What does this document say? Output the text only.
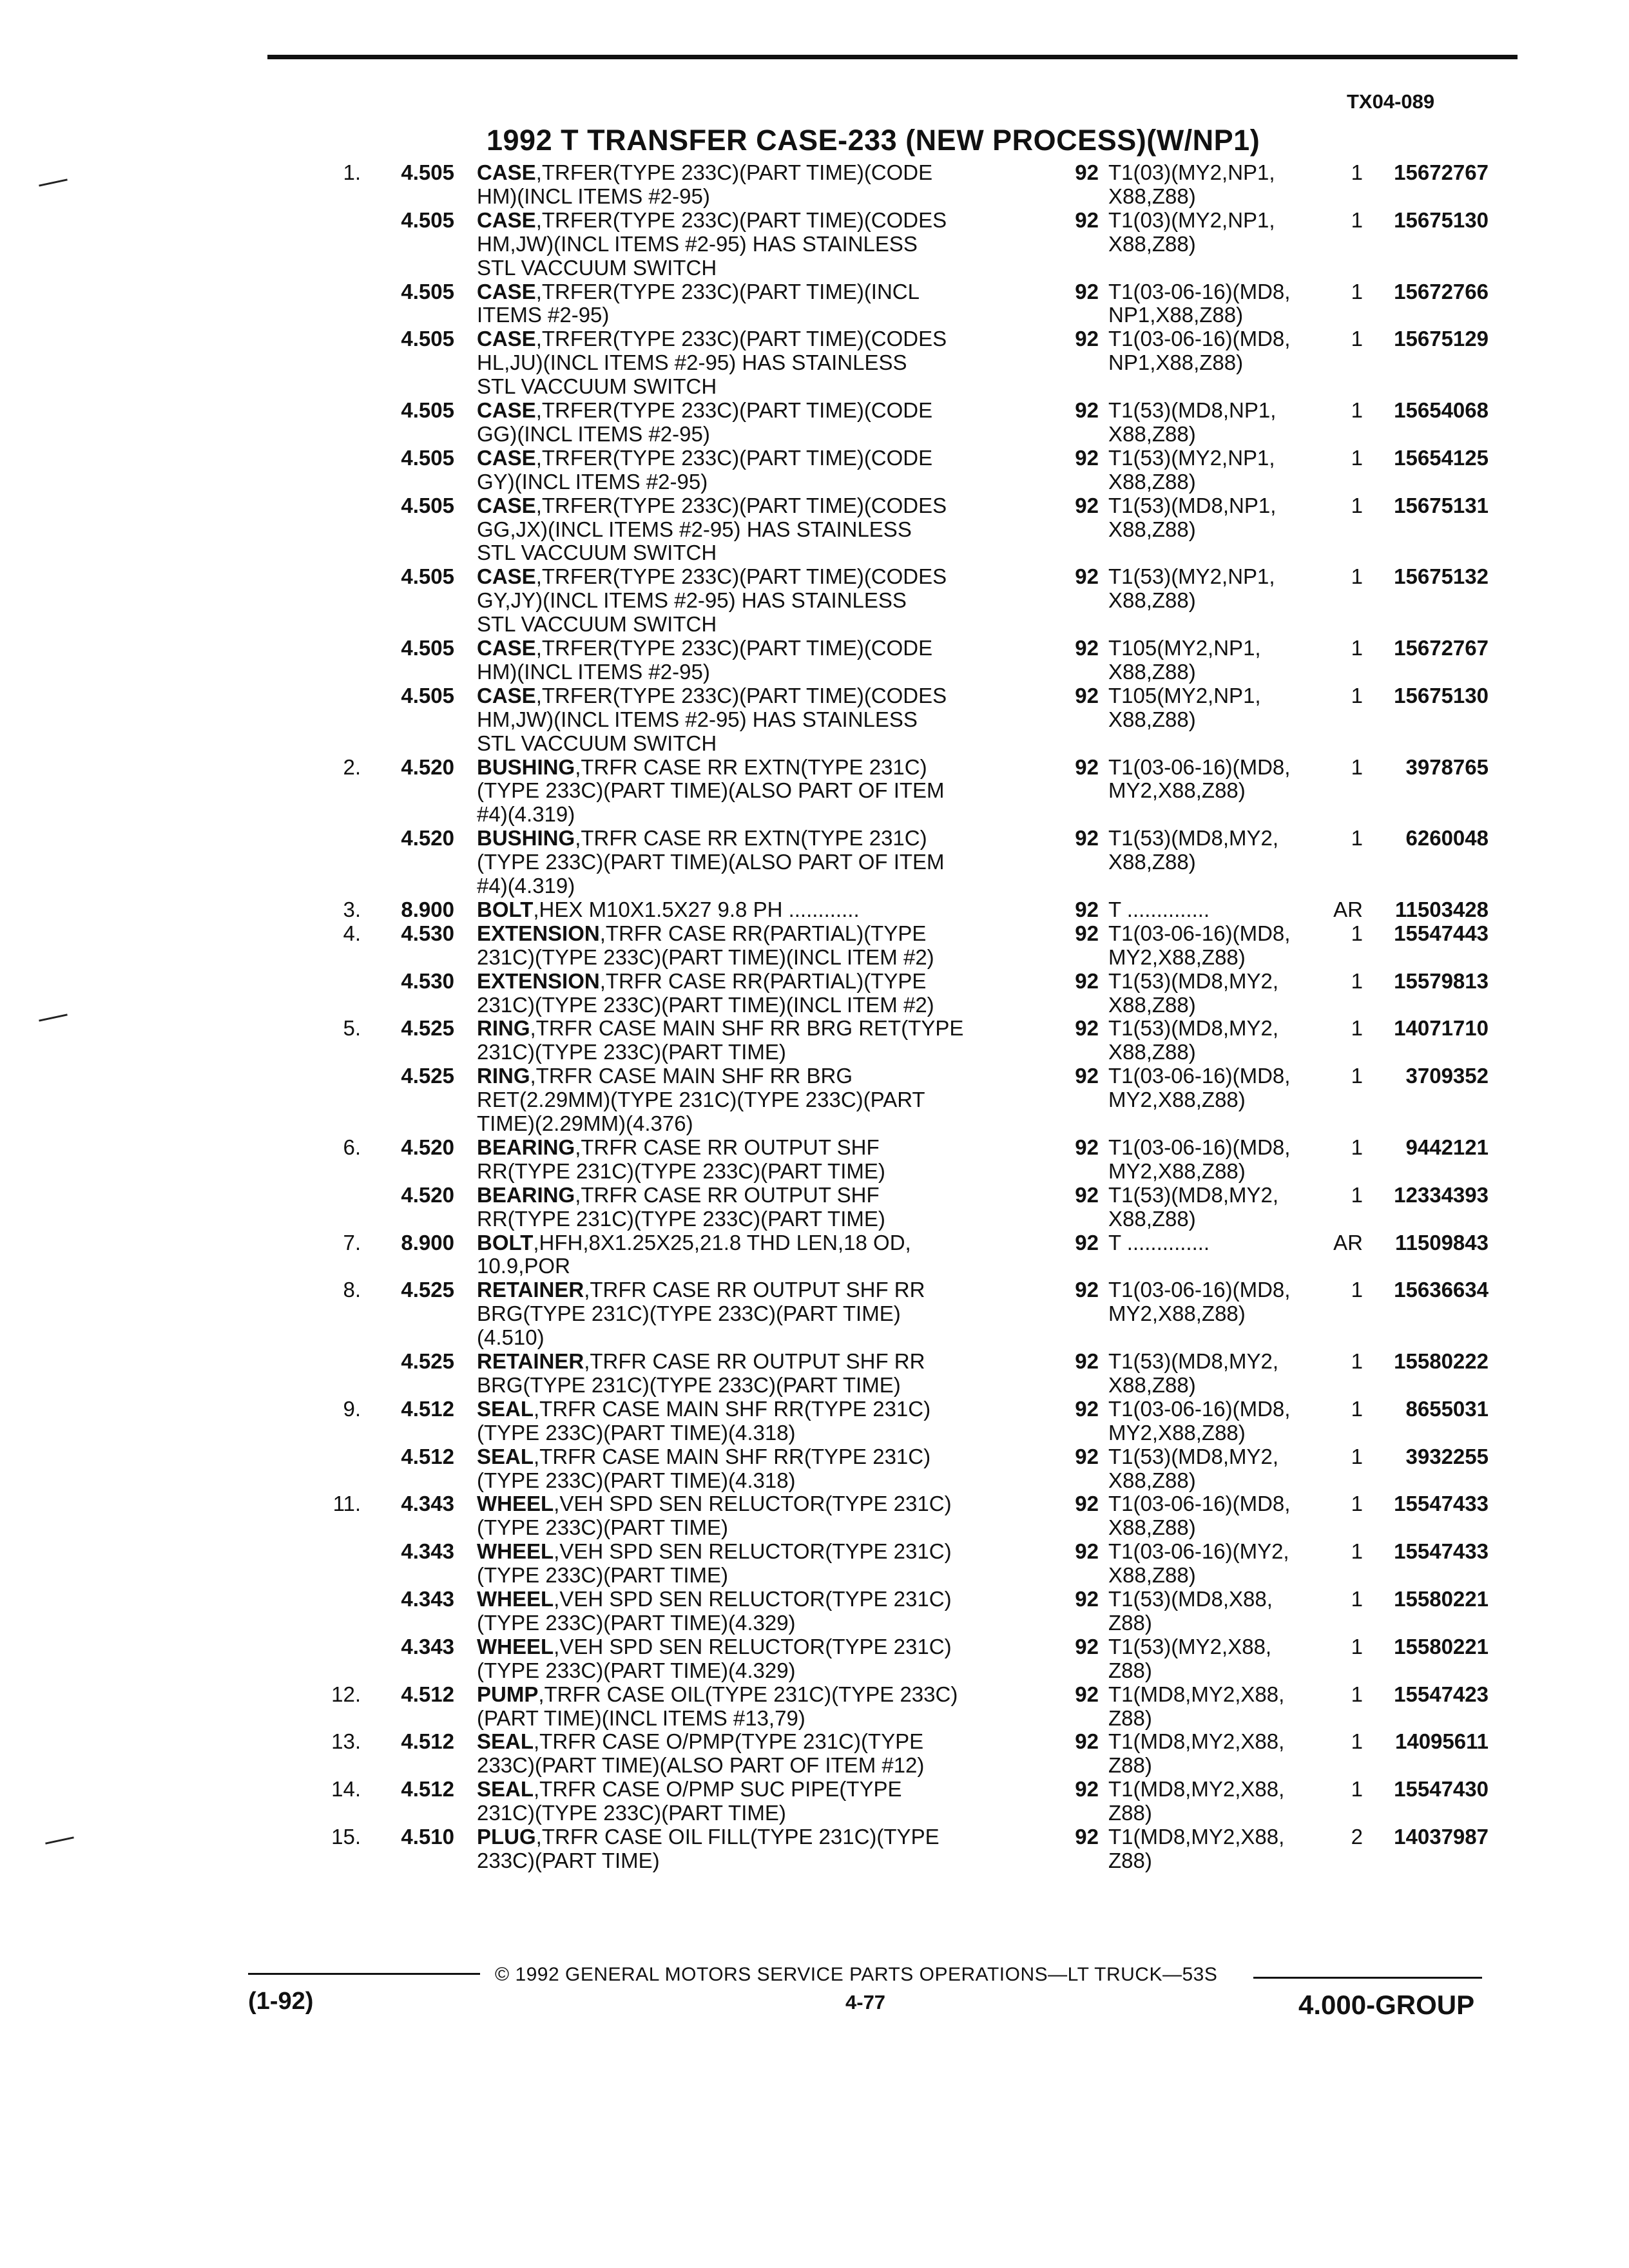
TX04-089
1992 T TRANSFER CASE-233 (NEW PROCESS)(W/NP1)
1.	4.505 CASE,TRFER(TYPE 233C)(PART TIME)(CODE	92 T1(03)(MY2,NP1,	1	15672767
HM)(INCL ITEMS #2-95)	X88,Z88)
4.505 CASE,TRFER(TYPE 233C)(PART TIME)(CODES	92 T1(03)(MY2,NP1,	1	15675130
HM,JW)(INCL ITEMS #2-95) HAS STAINLESS	X88,Z88)
STL VACCUUM SWITCH
4.505 CASE,TRFER(TYPE 233C)(PART TIME)(INCL	92 T1(03-06-16)(MD8,	1	15672766
ITEMS #2-95)	NP1,X88,Z88)
4.505 CASE,TRFER(TYPE 233C)(PART TIME)(CODES	92 T1(03-06-16)(MD8,	1	15675129
HL,JU)(INCL ITEMS #2-95) HAS STAINLESS	NP1,X88,Z88)
STL VACCUUM SWITCH
4.505 CASE,TRFER(TYPE 233C)(PART TIME)(CODE	92 T1(53)(MD8,NP1,	1	15654068
GG)(INCL ITEMS #2-95)	X88,Z88)
4.505 CASE,TRFER(TYPE 233C)(PART TIME)(CODE	92 T1(53)(MY2,NP1,	1	15654125
GY)(INCL ITEMS #2-95)	X88,Z88)
4.505 CASE,TRFER(TYPE 233C)(PART TIME)(CODES	92 T1(53)(MD8,NP1,	1	15675131
GG,JX)(INCL ITEMS #2-95) HAS STAINLESS	X88,Z88)
STL VACCUUM SWITCH
4.505 CASE,TRFER(TYPE 233C)(PART TIME)(CODES	92 T1(53)(MY2,NP1,	1	15675132
GY,JY)(INCL ITEMS #2-95) HAS STAINLESS	X88,Z88)
STL VACCUUM SWITCH
4.505 CASE,TRFER(TYPE 233C)(PART TIME)(CODE	92 T105(MY2,NP1,	1	15672767
HM)(INCL ITEMS #2-95)	X88,Z88)
4.505 CASE,TRFER(TYPE 233C)(PART TIME)(CODES	92 T105(MY2,NP1,	1	15675130
HM,JW)(INCL ITEMS #2-95) HAS STAINLESS	X88,Z88)
STL VACCUUM SWITCH
2.	4.520 BUSHING,TRFR CASE RR EXTN(TYPE 231C)	92 T1(03-06-16)(MD8,	1	3978765
(TYPE 233C)(PART TIME)(ALSO PART OF ITEM	MY2,X88,Z88)
#4)(4.319)
4.520 BUSHING,TRFR CASE RR EXTN(TYPE 231C)	92 T1(53)(MD8,MY2,	1	6260048
(TYPE 233C)(PART TIME)(ALSO PART OF ITEM	X88,Z88)
#4)(4.319)
3.	8.900 BOLT,HEX M10X1.5X27 9.8 PH ............	92 T ..............	AR	11503428
4.	4.530 EXTENSION,TRFR CASE RR(PARTIAL)(TYPE	92 T1(03-06-16)(MD8,	1	15547443
231C)(TYPE 233C)(PART TIME)(INCL ITEM #2)	MY2,X88,Z88)
4.530 EXTENSION,TRFR CASE RR(PARTIAL)(TYPE	92 T1(53)(MD8,MY2,	1	15579813
231C)(TYPE 233C)(PART TIME)(INCL ITEM #2)	X88,Z88)
5.	4.525 RING,TRFR CASE MAIN SHF RR BRG RET(TYPE	92 T1(53)(MD8,MY2,	1	14071710
231C)(TYPE 233C)(PART TIME)	X88,Z88)
4.525 RING,TRFR CASE MAIN SHF RR BRG	92 T1(03-06-16)(MD8,	1	3709352
RET(2.29MM)(TYPE 231C)(TYPE 233C)(PART	MY2,X88,Z88)
TIME)(2.29MM)(4.376)
6.	4.520 BEARING,TRFR CASE RR OUTPUT SHF	92 T1(03-06-16)(MD8,	1	9442121
RR(TYPE 231C)(TYPE 233C)(PART TIME)	MY2,X88,Z88)
4.520 BEARING,TRFR CASE RR OUTPUT SHF	92 T1(53)(MD8,MY2,	1	12334393
RR(TYPE 231C)(TYPE 233C)(PART TIME)	X88,Z88)
7.	8.900 BOLT,HFH,8X1.25X25,21.8 THD LEN,18 OD,	92 T ..............	AR	11509843
10.9,POR
8.	4.525 RETAINER,TRFR CASE RR OUTPUT SHF RR	92 T1(03-06-16)(MD8,	1	15636634
BRG(TYPE 231C)(TYPE 233C)(PART TIME)	MY2,X88,Z88)
(4.510)
4.525 RETAINER,TRFR CASE RR OUTPUT SHF RR	92 T1(53)(MD8,MY2,	1	15580222
BRG(TYPE 231C)(TYPE 233C)(PART TIME)	X88,Z88)
9.	4.512 SEAL,TRFR CASE MAIN SHF RR(TYPE 231C)	92 T1(03-06-16)(MD8,	1	8655031
(TYPE 233C)(PART TIME)(4.318)	MY2,X88,Z88)
4.512 SEAL,TRFR CASE MAIN SHF RR(TYPE 231C)	92 T1(53)(MD8,MY2,	1	3932255
(TYPE 233C)(PART TIME)(4.318)	X88,Z88)
11.	4.343 WHEEL,VEH SPD SEN RELUCTOR(TYPE 231C)	92 T1(03-06-16)(MD8,	1	15547433
(TYPE 233C)(PART TIME)	X88,Z88)
4.343 WHEEL,VEH SPD SEN RELUCTOR(TYPE 231C)	92 T1(03-06-16)(MY2,	1	15547433
(TYPE 233C)(PART TIME)	X88,Z88)
4.343 WHEEL,VEH SPD SEN RELUCTOR(TYPE 231C)	92 T1(53)(MD8,X88,	1	15580221
(TYPE 233C)(PART TIME)(4.329)	Z88)
4.343 WHEEL,VEH SPD SEN RELUCTOR(TYPE 231C)	92 T1(53)(MY2,X88,	1	15580221
(TYPE 233C)(PART TIME)(4.329)	Z88)
12.	4.512 PUMP,TRFR CASE OIL(TYPE 231C)(TYPE 233C)	92 T1(MD8,MY2,X88,	1	15547423
(PART TIME)(INCL ITEMS #13,79)	Z88)
13.	4.512 SEAL,TRFR CASE O/PMP(TYPE 231C)(TYPE	92 T1(MD8,MY2,X88,	1	14095611
233C)(PART TIME)(ALSO PART OF ITEM #12)	Z88)
14.	4.512 SEAL,TRFR CASE O/PMP SUC PIPE(TYPE	92 T1(MD8,MY2,X88,	1	15547430
231C)(TYPE 233C)(PART TIME)	Z88)
15.	4.510 PLUG,TRFR CASE OIL FILL(TYPE 231C)(TYPE	92 T1(MD8,MY2,X88,	2	14037987
233C)(PART TIME)	Z88)
(1-92)
© 1992 GENERAL MOTORS SERVICE PARTS OPERATIONS—LT TRUCK—53S
4-77	4.000-GROUP
